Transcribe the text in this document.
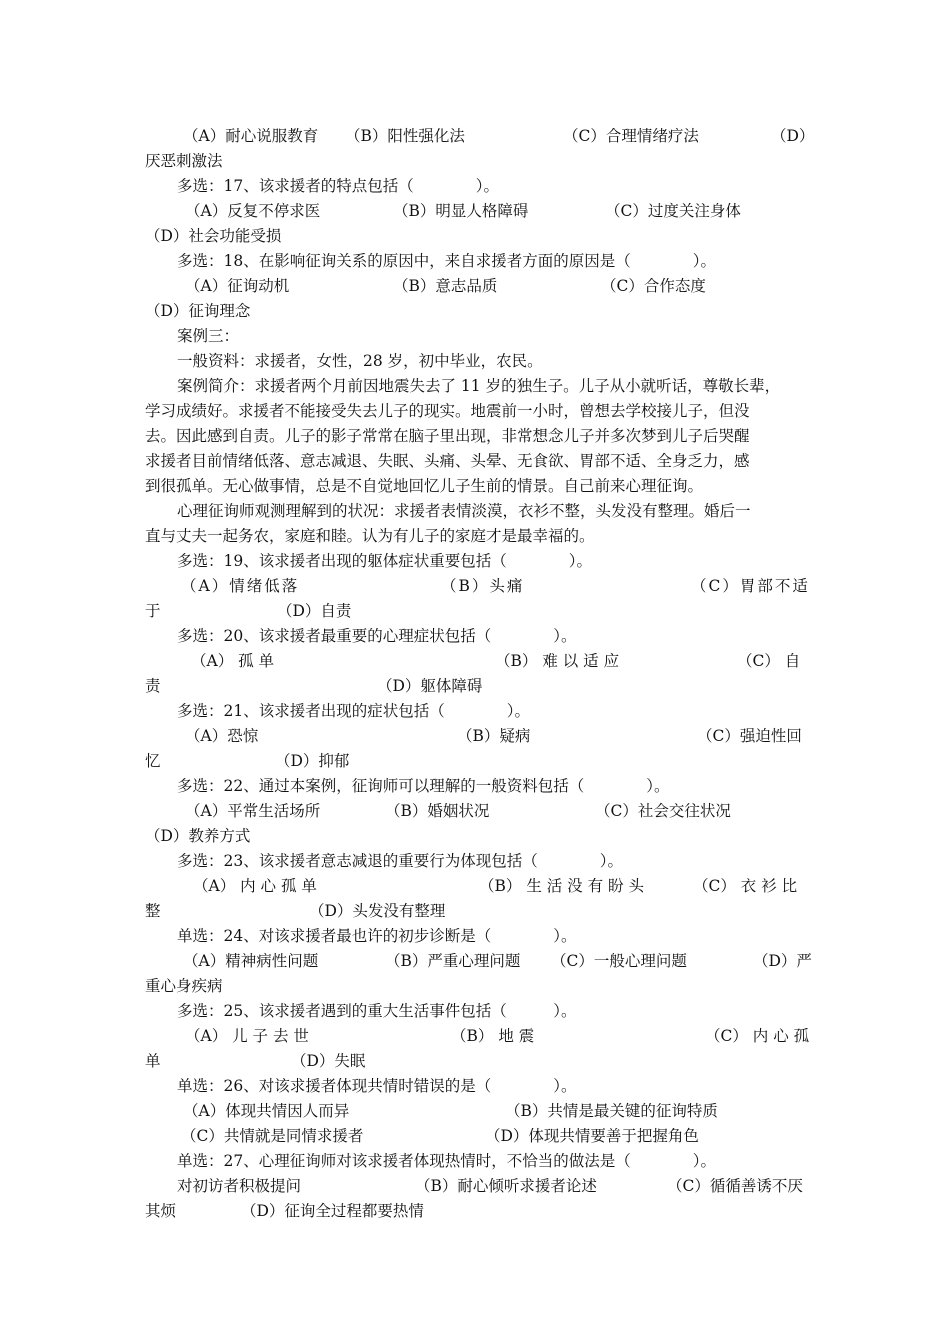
（A）耐心说服教育 （B）阳性强化法	（C）合理情绪疗法	（D）
厌恶刺激法
多选：17、该求援者的特点包括（　　　　）。
（A）反复不停求医	（B）明显人格障碍	（C）过度关注身体
（D）社会功能受损
多选：18、在影响征询关系的原因中，来自求援者方面的原因是（　　　　）。
（A）征询动机	（B）意志品质	（C）合作态度
（D）征询理念
案例三：
一般资料：求援者，女性，28 岁，初中毕业，农民。
案例简介：求援者两个月前因地震失去了 11 岁的独生子。儿子从小就听话，尊敬长辈，
学习成绩好。求援者不能接受失去儿子的现实。地震前一小时，曾想去学校接儿子，但没
去。因此感到自责。儿子的影子常常在脑子里出现，非常想念儿子并多次梦到儿子后哭醒
求援者目前情绪低落、意志减退、失眠、头痛、头晕、无食欲、胃部不适、全身乏力，感
到很孤单。无心做事情，总是不自觉地回忆儿子生前的情景。自己前来心理征询。
心理征询师观测理解到的状况：求援者表情淡漠，衣衫不整，头发没有整理。婚后一
直与丈夫一起务农，家庭和睦。认为有儿子的家庭才是最幸福的。
多选：19、该求援者出现的躯体症状重要包括（　　　　）。
（A）情绪低落	（B）头痛	（C）胃部不适
于	（D）自责
多选：20、该求援者最重要的心理症状包括（　　　　）。
（A） 孤 单	（B） 难 以 适 应	（C） 自
责	（D）躯体障碍
多选：21、该求援者出现的症状包括（　　　　）。
（A）恐惊	（B）疑病	（C）强迫性回
忆	（D）抑郁
多选：22、通过本案例，征询师可以理解的一般资料包括（　　　　）。
（A）平常生活场所	（B）婚姻状况	（C）社会交往状况
（D）教养方式
多选：23、该求援者意志减退的重要行为体现包括（　　　　）。
（A） 内 心 孤 单	（B） 生 活 没 有 盼 头	（C） 衣 衫 比
整	（D）头发没有整理
单选：24、对该求援者最也许的初步诊断是（　　　　）。
（A）精神病性问题	（B）严重心理问题 （C）一般心理问题	（D）严
重心身疾病
多选：25、该求援者遇到的重大生活事件包括（　　　）。
（A） 儿 子 去 世	（B） 地 震	（C） 内 心 孤
单	（D）失眠
单选：26、对该求援者体现共情时错误的是（　　　　）。
（A）体现共情因人而异	（B）共情是最关键的征询特质
（C）共情就是同情求援者	（D）体现共情要善于把握角色
单选：27、心理征询师对该求援者体现热情时，不恰当的做法是（　　　　）。
对初访者积极提问	（B）耐心倾听求援者论述	（C）循循善诱不厌
其烦	（D）征询全过程都要热情
